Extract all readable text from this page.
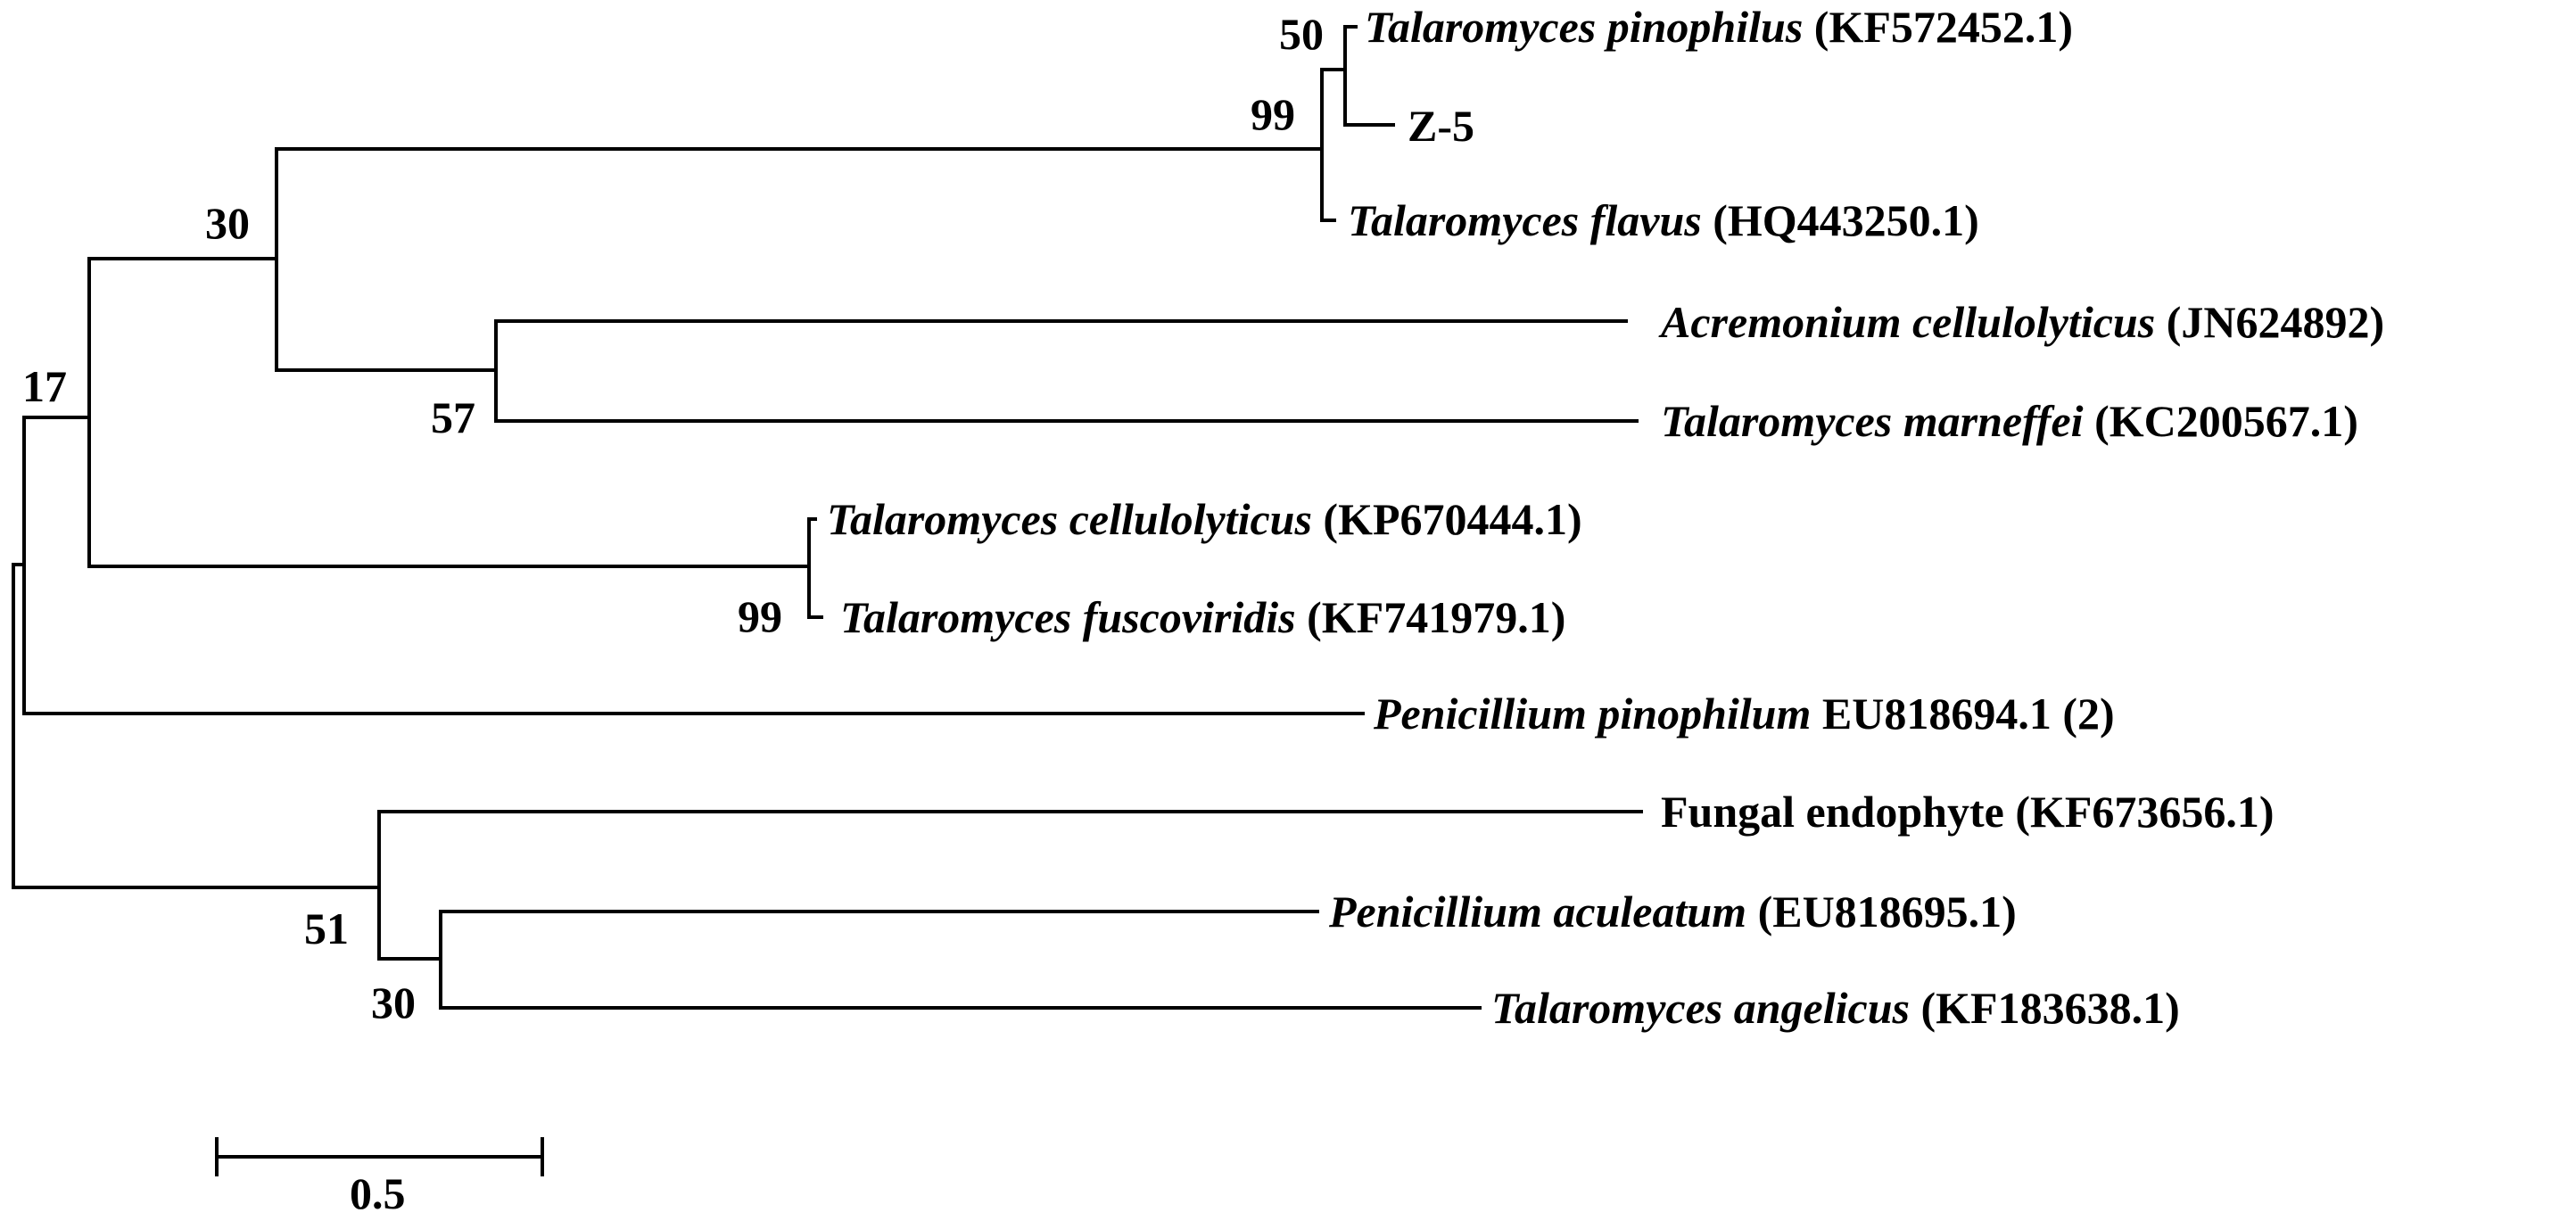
Talaromyces pinophilus (KF572452.1)
Z-5
Talaromyces flavus (HQ443250.1)
Acremonium cellulolyticus (JN624892)
Talaromyces marneffei (KC200567.1)
Talaromyces cellulolyticus (KP670444.1)
Talaromyces fuscoviridis (KF741979.1)
Penicillium pinophilum EU818694.1 (2)
Fungal endophyte (KF673656.1)
Penicillium aculeatum (EU818695.1)
Talaromyces angelicus (KF183638.1)
50
99
30
57
17
99
30
51
0.5
